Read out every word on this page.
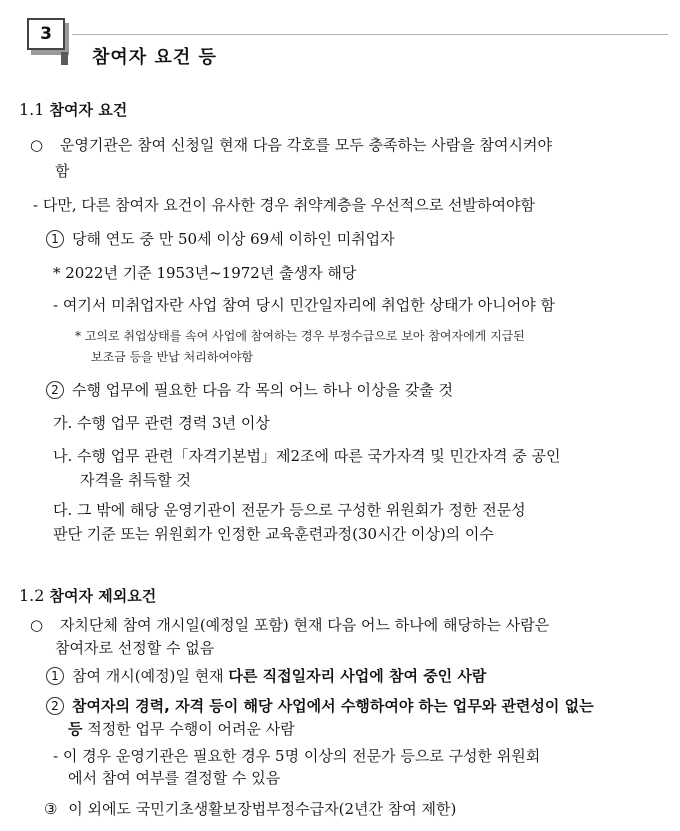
3
참여자 요건 등
1.1 참여자 요건
○ 운영기관은 참여 신청일 현재 다음 각호를 모두 충족하는 사람을 참여시켜야
함
- 다만, 다른 참여자 요건이 유사한 경우 취약계층을 우선적으로 선발하여야함
1 당해 연도 중 만 50세 이상 69세 이하인 미취업자
* 2022년 기준 1953년~1972년 출생자 해당
- 여기서 미취업자란 사업 참여 당시 민간일자리에 취업한 상태가 아니어야 함
* 고의로 취업상태를 속여 사업에 참여하는 경우 부정수급으로 보아 참여자에게 지급된
보조금 등을 반납 처리하여야함
2 수행 업무에 필요한 다음 각 목의 어느 하나 이상을 갖출 것
가. 수행 업무 관련 경력 3년 이상
나. 수행 업무 관련「자격기본법」제2조에 따른 국가자격 및 민간자격 중 공인
자격을 취득할 것
다. 그 밖에 해당 운영기관이 전문가 등으로 구성한 위원회가 정한 전문성
판단 기준 또는 위원회가 인정한 교육훈련과정(30시간 이상)의 이수
1.2 참여자 제외요건
○ 자치단체 참여 개시일(예정일 포함) 현재 다음 어느 하나에 해당하는 사람은
참여자로 선정할 수 없음
1 참여 개시(예정)일 현재 다른 직접일자리 사업에 참여 중인 사람
2 참여자의 경력, 자격 등이 해당 사업에서 수행하여야 하는 업무와 관련성이 없는
등 적정한 업무 수행이 어려운 사람
- 이 경우 운영기관은 필요한 경우 5명 이상의 전문가 등으로 구성한 위원회
에서 참여 여부를 결정할 수 있음
③ 이 외에도 국민기초생활보장법부정수급자(2년간 참여 제한)
